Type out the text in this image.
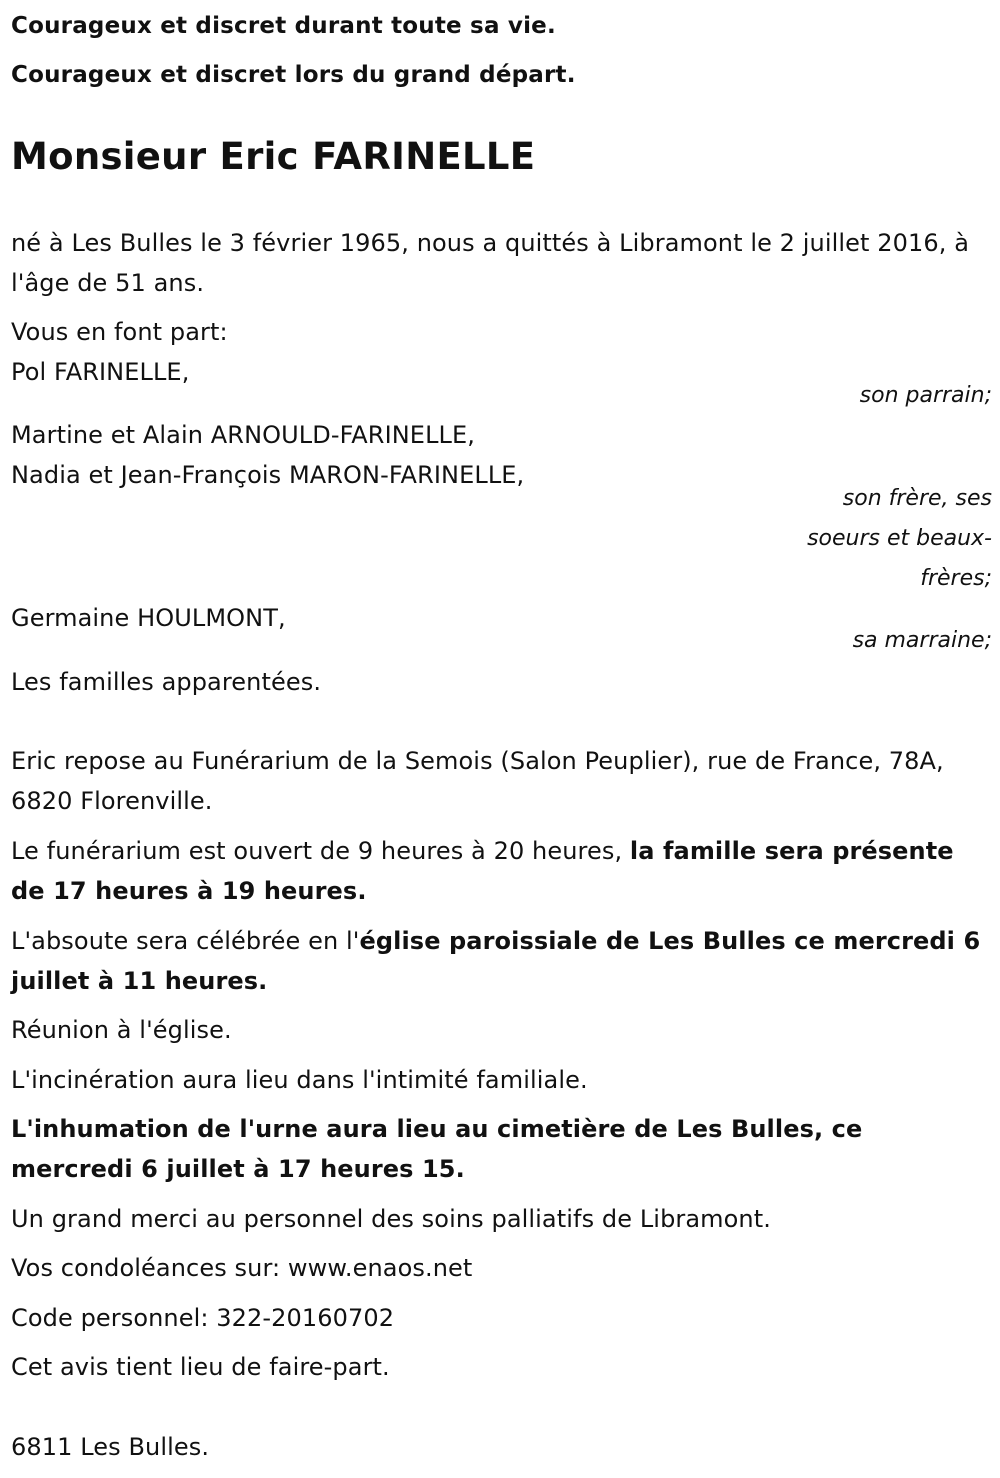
Courageux et discret durant toute sa vie.

Courageux et discret lors du grand départ.

Monsieur Eric FARINELLE

né à Les Bulles le 3 février 1965, nous a quittés à Libramont le 2 juillet 2016, à l'âge de 51 ans.

Vous en font part:

Pol FARINELLE,

son parrain;

Martine et Alain ARNOULD-FARINELLE,

Nadia et Jean-François MARON-FARINELLE,

son frère, ses

soeurs et beaux-

frères;

Germaine HOULMONT,

sa marraine;

Les familles apparentées.

Eric repose au Funérarium de la Semois (Salon Peuplier), rue de France, 78A, 6820 Florenville.

Le funérarium est ouvert de 9 heures à 20 heures, la famille sera présente de 17 heures à 19 heures.

L'absoute sera célébrée en l'église paroissiale de Les Bulles ce mercredi 6 juillet à 11 heures.

Réunion à l'église.

L'incinération aura lieu dans l'intimité familiale.

L'inhumation de l'urne aura lieu au cimetière de Les Bulles, ce mercredi 6 juillet à 17 heures 15.

Un grand merci au personnel des soins palliatifs de Libramont.

Vos condoléances sur: www.enaos.net

Code personnel: 322-20160702

Cet avis tient lieu de faire-part.

6811 Les Bulles.
